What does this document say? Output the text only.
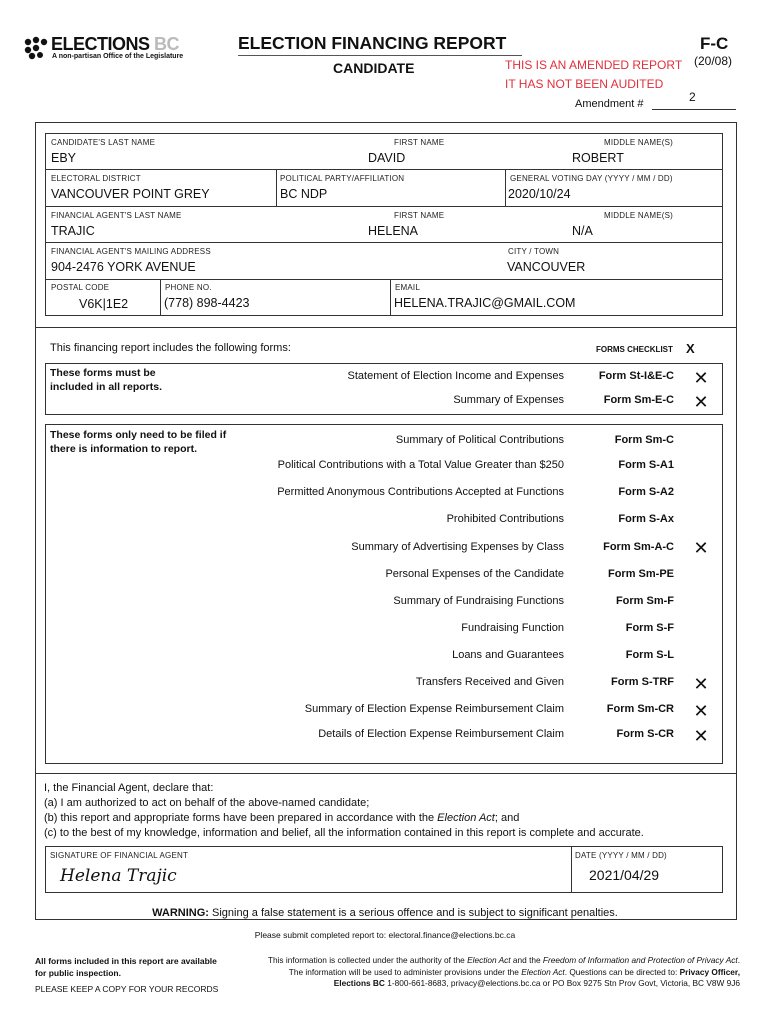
ELECTIONS BC
A non-partisan Office of the Legislature
ELECTION FINANCING REPORT
CANDIDATE	THIS IS AN AMENDED REPORT
IT HAS NOT BEEN AUDITED
F-C
(20/08)
Amendment #	2
CANDIDATE'S LAST NAME	FIRST NAME	MIDDLE NAME(S)
EBY	DAVID	ROBERT
ELECTORAL DISTRICT	POLITICAL PARTY/AFFILIATION	GENERAL VOTING DAY (YYYY / MM / DD)
VANCOUVER POINT GREY	BC NDP	2020/10/24
FINANCIAL AGENT'S LAST NAME	FIRST NAME	MIDDLE NAME(S)
TRAJIC	HELENA	N/A
FINANCIAL AGENT'S MAILING ADDRESS	CITY / TOWN
904-2476 YORK AVENUE	VANCOUVER
POSTAL CODE	PHONE NO.	EMAIL
V6K|1E2	(778) 898-4423	HELENA.TRAJIC@GMAIL.COM
This financing report includes the following forms:	FORMS CHECKLIST X
These forms must be included in all reports.
Statement of Election Income and Expenses	Form St-I&E-C ✕
Summary of Expenses	Form Sm-E-C ✕
These forms only need to be filed if there is information to report.
Summary of Political Contributions	Form Sm-C
Political Contributions with a Total Value Greater than $250	Form S-A1
Permitted Anonymous Contributions Accepted at Functions	Form S-A2
Prohibited Contributions	Form S-Ax
Summary of Advertising Expenses by Class	Form Sm-A-C ✕
Personal Expenses of the Candidate	Form Sm-PE
Summary of Fundraising Functions	Form Sm-F
Fundraising Function	Form S-F
Loans and Guarantees	Form S-L
Transfers Received and Given	Form S-TRF ✕
Summary of Election Expense Reimbursement Claim	Form Sm-CR ✕
Details of Election Expense Reimbursement Claim	Form S-CR ✕
I, the Financial Agent, declare that:
(a) I am authorized to act on behalf of the above-named candidate;
(b) this report and appropriate forms have been prepared in accordance with the Election Act; and
(c) to the best of my knowledge, information and belief, all the information contained in this report is complete and accurate.
SIGNATURE OF FINANCIAL AGENT	DATE (YYYY / MM / DD)
Helena Trajic	2021/04/29
WARNING: Signing a false statement is a serious offence and is subject to significant penalties.
Please submit completed report to: electoral.finance@elections.bc.ca
All forms included in this report are available
for public inspection.
PLEASE KEEP A COPY FOR YOUR RECORDS
This information is collected under the authority of the Election Act and the Freedom of Information and Protection of Privacy Act.
The information will be used to administer provisions under the Election Act. Questions can be directed to: Privacy Officer,
Elections BC 1-800-661-8683, privacy@elections.bc.ca or PO Box 9275 Stn Prov Govt, Victoria, BC V8W 9J6
